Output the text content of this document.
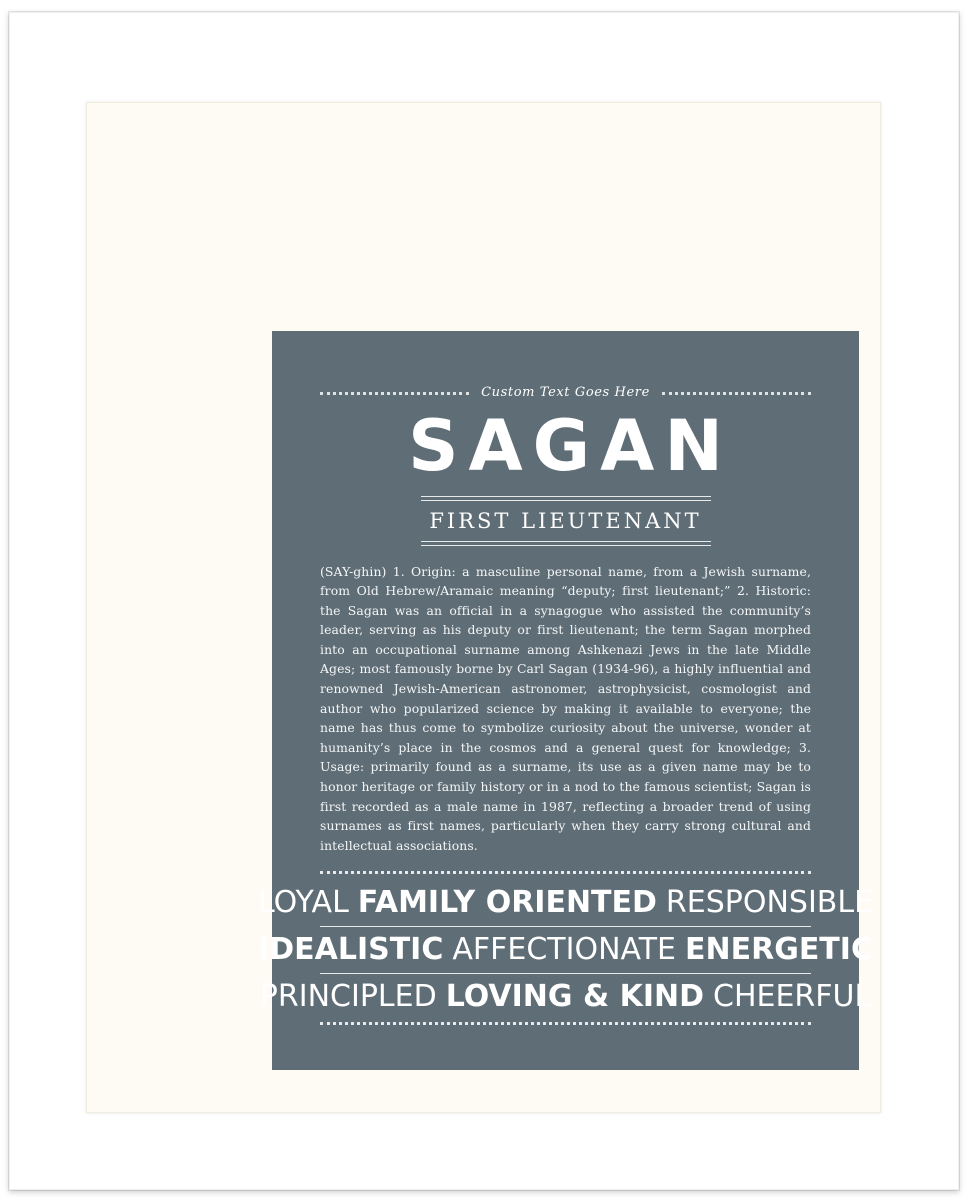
Custom Text Goes Here
SAGAN
FIRST LIEUTENANT
(SAY-ghin) 1. Origin: a masculine personal name, from a Jewish surname, from Old Hebrew/Aramaic meaning “deputy; first lieutenant;” 2. Historic: the Sagan was an official in a synagogue who assisted the community’s leader, serving as his deputy or first lieutenant; the term Sagan morphed into an occupational surname among Ashkenazi Jews in the late Middle Ages; most famously borne by Carl Sagan (1934-96), a highly influential and renowned Jewish-American astronomer, astrophysicist, cosmologist and author who popularized science by making it available to everyone; the name has thus come to symbolize curiosity about the universe, wonder at humanity’s place in the cosmos and a general quest for knowledge; 3. Usage: primarily found as a surname, its use as a given name may be to honor heritage or family history or in a nod to the famous scientist; Sagan is first recorded as a male name in 1987, reflecting a broader trend of using surnames as first names, particularly when they carry strong cultural and intellectual associations.
LOYAL FAMILY ORIENTED RESPONSIBLE
IDEALISTIC AFFECTIONATE ENERGETIC
PRINCIPLED LOVING & KIND CHEERFUL
